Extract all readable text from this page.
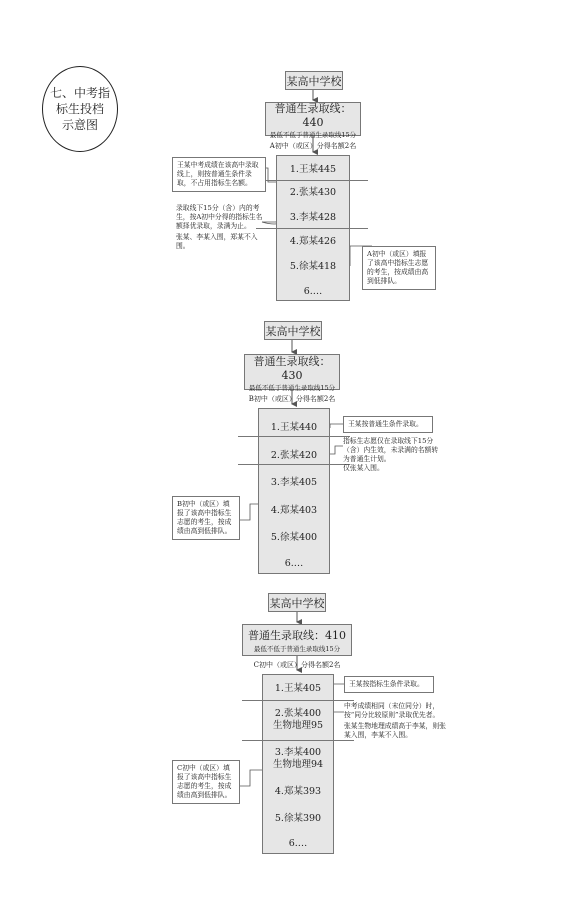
七、中考指
标生投档
示意图
某高中学校
普通生录取线：440
最低不低于普通生录取线15分
A初中（或区）分得名额2名
1.王某445
2.张某430
3.李某428
4.郑某426
5.徐某418
6.…
王某中考成绩在该高中录取线上，则按普通生条件录取，不占用指标生名额。
录取线下15分（含）内的考生，按A初中分得的指标生名额择优录取，录满为止。
张某、李某入围，郑某不入围。
A初中（或区）填报了该高中指标生志愿的考生，按成绩由高到低排队。
某高中学校
普通生录取线：430
最低不低于普通生录取线15分
B初中（或区）分得名额2名
1.王某440
2.张某420
3.李某405
4.郑某403
5.徐某400
6.…
王某按普通生条件录取。
指标生志愿仅在录取线下15分（含）内生效，未录满的名额转为普通生计划。
仅张某入围。
B初中（或区）填报了该高中指标生志愿的考生，按成绩由高到低排队。
某高中学校
普通生录取线：410
最低不低于普通生录取线15分
C初中（或区）分得名额2名
1.王某405
2.张某400
生物地理95
3.李某400
生物地理94
4.郑某393
5.徐某390
6.…
王某按指标生条件录取。
中考成绩相同（末位同分）时，按“同分比较原则”录取优先者。
张某生物地理成绩高于李某，则张某入围，李某不入围。
C初中（或区）填报了该高中指标生志愿的考生，按成绩由高到低排队。
